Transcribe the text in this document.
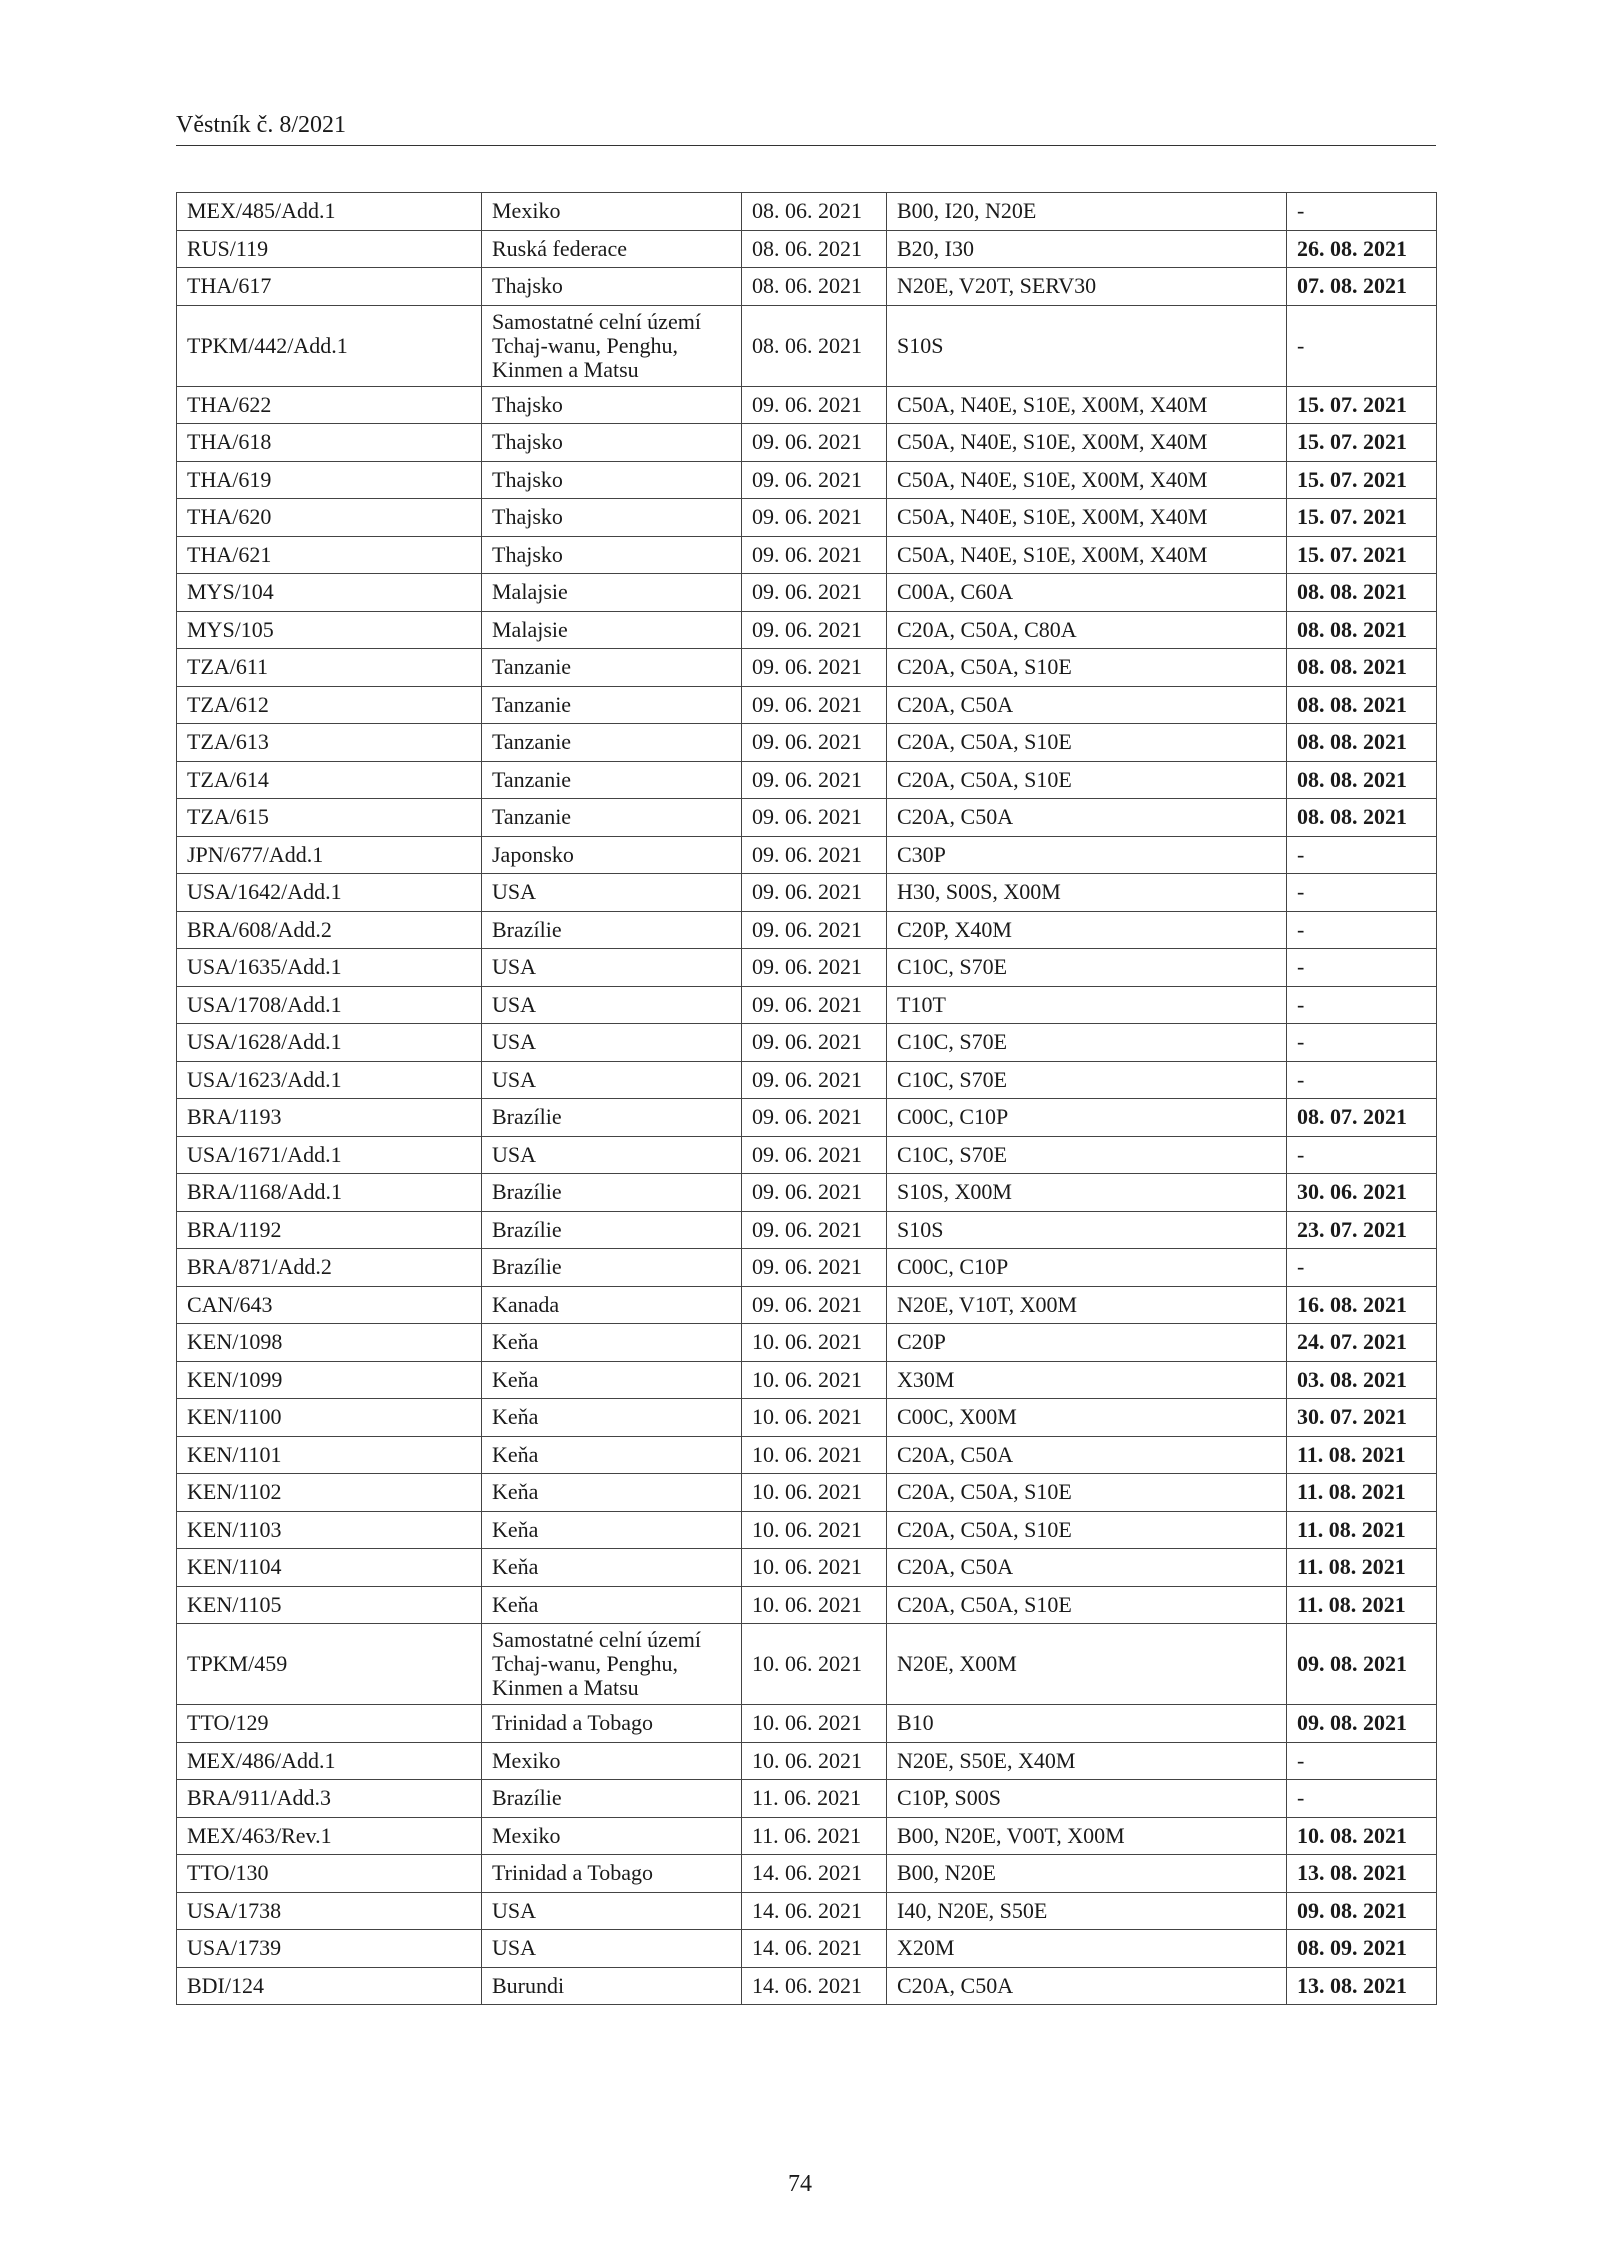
Věstník č. 8/2021
MEX/485/Add.1	Mexiko	08. 06. 2021	B00, I20, N20E	-
RUS/119	Ruská federace	08. 06. 2021	B20, I30	26. 08. 2021
THA/617	Thajsko	08. 06. 2021	N20E, V20T, SERV30	07. 08. 2021
TPKM/442/Add.1	Samostatné celní území Tchaj-wanu, Penghu, Kinmen a Matsu	08. 06. 2021	S10S	-
THA/622	Thajsko	09. 06. 2021	C50A, N40E, S10E, X00M, X40M	15. 07. 2021
THA/618	Thajsko	09. 06. 2021	C50A, N40E, S10E, X00M, X40M	15. 07. 2021
THA/619	Thajsko	09. 06. 2021	C50A, N40E, S10E, X00M, X40M	15. 07. 2021
THA/620	Thajsko	09. 06. 2021	C50A, N40E, S10E, X00M, X40M	15. 07. 2021
THA/621	Thajsko	09. 06. 2021	C50A, N40E, S10E, X00M, X40M	15. 07. 2021
MYS/104	Malajsie	09. 06. 2021	C00A, C60A	08. 08. 2021
MYS/105	Malajsie	09. 06. 2021	C20A, C50A, C80A	08. 08. 2021
TZA/611	Tanzanie	09. 06. 2021	C20A, C50A, S10E	08. 08. 2021
TZA/612	Tanzanie	09. 06. 2021	C20A, C50A	08. 08. 2021
TZA/613	Tanzanie	09. 06. 2021	C20A, C50A, S10E	08. 08. 2021
TZA/614	Tanzanie	09. 06. 2021	C20A, C50A, S10E	08. 08. 2021
TZA/615	Tanzanie	09. 06. 2021	C20A, C50A	08. 08. 2021
JPN/677/Add.1	Japonsko	09. 06. 2021	C30P	-
USA/1642/Add.1	USA	09. 06. 2021	H30, S00S, X00M	-
BRA/608/Add.2	Brazílie	09. 06. 2021	C20P, X40M	-
USA/1635/Add.1	USA	09. 06. 2021	C10C, S70E	-
USA/1708/Add.1	USA	09. 06. 2021	T10T	-
USA/1628/Add.1	USA	09. 06. 2021	C10C, S70E	-
USA/1623/Add.1	USA	09. 06. 2021	C10C, S70E	-
BRA/1193	Brazílie	09. 06. 2021	C00C, C10P	08. 07. 2021
USA/1671/Add.1	USA	09. 06. 2021	C10C, S70E	-
BRA/1168/Add.1	Brazílie	09. 06. 2021	S10S, X00M	30. 06. 2021
BRA/1192	Brazílie	09. 06. 2021	S10S	23. 07. 2021
BRA/871/Add.2	Brazílie	09. 06. 2021	C00C, C10P	-
CAN/643	Kanada	09. 06. 2021	N20E, V10T, X00M	16. 08. 2021
KEN/1098	Keňa	10. 06. 2021	C20P	24. 07. 2021
KEN/1099	Keňa	10. 06. 2021	X30M	03. 08. 2021
KEN/1100	Keňa	10. 06. 2021	C00C, X00M	30. 07. 2021
KEN/1101	Keňa	10. 06. 2021	C20A, C50A	11. 08. 2021
KEN/1102	Keňa	10. 06. 2021	C20A, C50A, S10E	11. 08. 2021
KEN/1103	Keňa	10. 06. 2021	C20A, C50A, S10E	11. 08. 2021
KEN/1104	Keňa	10. 06. 2021	C20A, C50A	11. 08. 2021
KEN/1105	Keňa	10. 06. 2021	C20A, C50A, S10E	11. 08. 2021
TPKM/459	Samostatné celní území Tchaj-wanu, Penghu, Kinmen a Matsu	10. 06. 2021	N20E, X00M	09. 08. 2021
TTO/129	Trinidad a Tobago	10. 06. 2021	B10	09. 08. 2021
MEX/486/Add.1	Mexiko	10. 06. 2021	N20E, S50E, X40M	-
BRA/911/Add.3	Brazílie	11. 06. 2021	C10P, S00S	-
MEX/463/Rev.1	Mexiko	11. 06. 2021	B00, N20E, V00T, X00M	10. 08. 2021
TTO/130	Trinidad a Tobago	14. 06. 2021	B00, N20E	13. 08. 2021
USA/1738	USA	14. 06. 2021	I40, N20E, S50E	09. 08. 2021
USA/1739	USA	14. 06. 2021	X20M	08. 09. 2021
BDI/124	Burundi	14. 06. 2021	C20A, C50A	13. 08. 2021
74
